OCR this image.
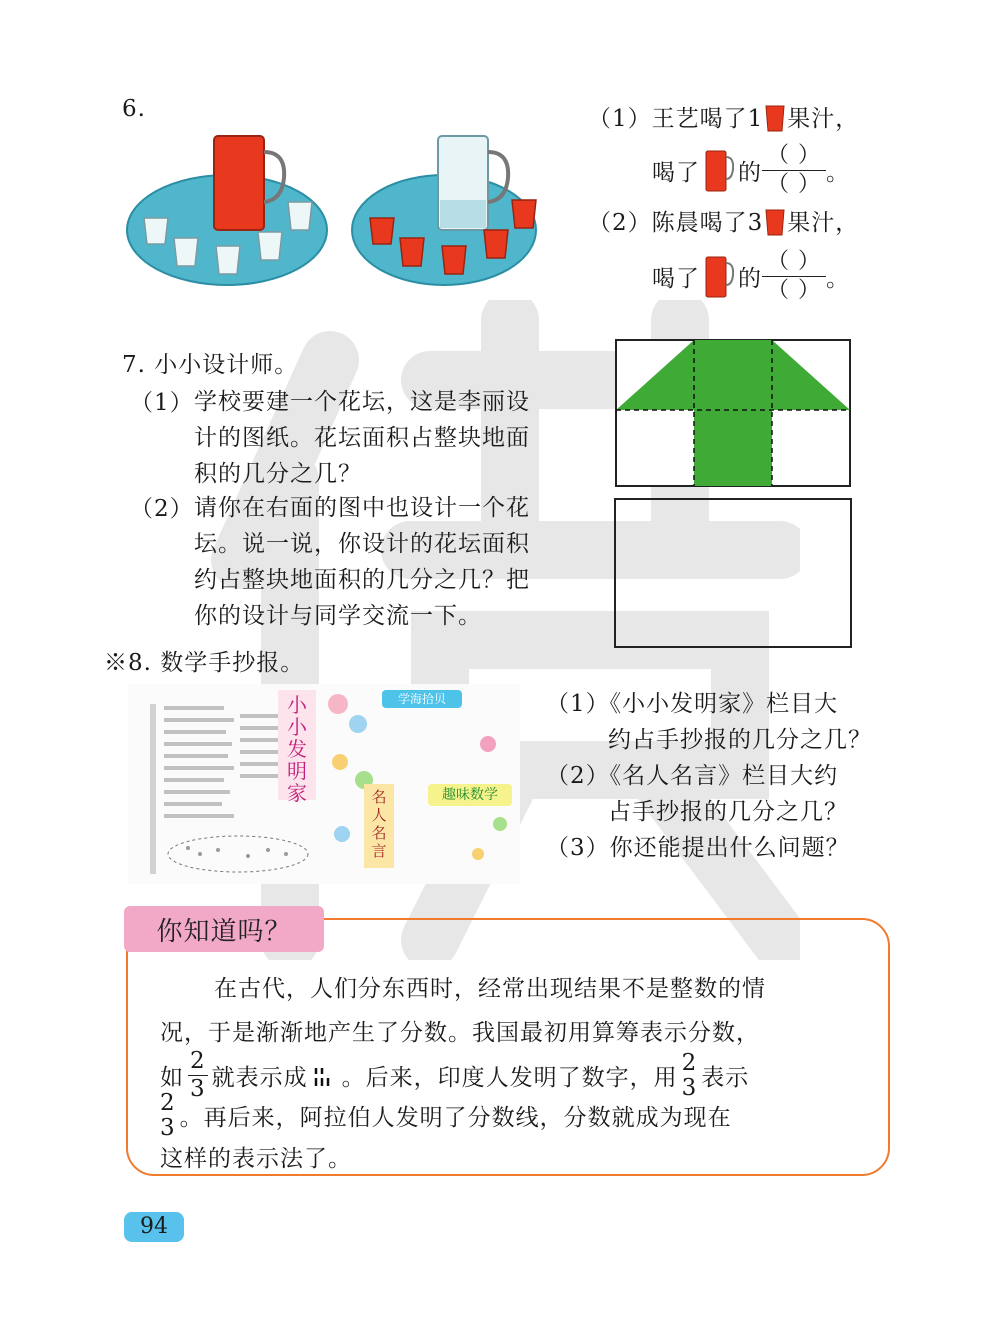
6.	（1）王艺喝了1 果汁，
喝了 的 $\frac{( )}{( )}$ 。
（2）陈晨喝了3 果汁，
喝了 的 $\frac{( )}{( )}$ 。
7. 小小设计师。
（1） 学校要建一个花坛，这是李丽设
计的图纸。花坛面积占整块地面
积的几分之几？
（2） 请你在右面的图中也设计一个花
坛。说一说，你设计的花坛面积
约占整块地面积的几分之几？把
你的设计与同学交流一下。
※8. 数学手抄报。
小小发明家
学海拾贝
名人名言
趣味数学
（1）《小小发明家》栏目大
约占手抄报的几分之几？
（2）《名人名言》栏目大约
占手抄报的几分之几？
（3）你还能提出什么问题？
你知道吗？
在古代，人们分东西时，经常出现结果不是整数的情
况，于是渐渐地产生了分数。我国最初用算筹表示分数，
如 $\frac{2}{3}$ 就表示成 。后来，印度人发明了数字，用
2
3 表示
2
3 。再后来，阿拉伯人发明了分数线，分数就成为现在
这样的表示法了。
94
